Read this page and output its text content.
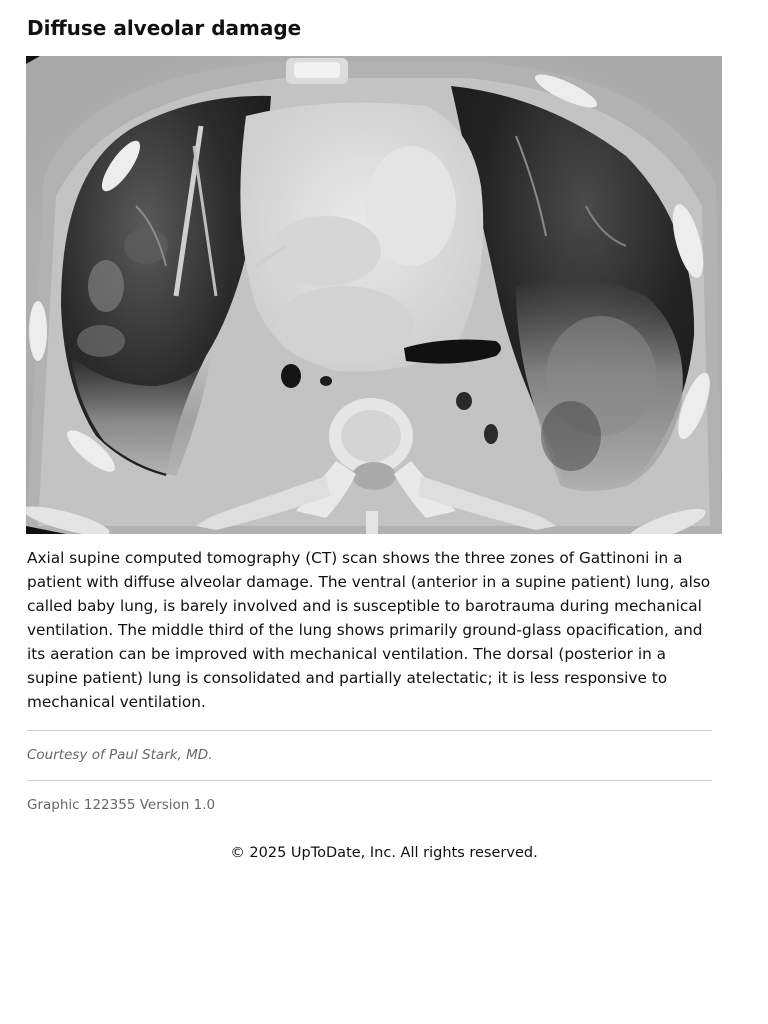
Diffuse alveolar damage

Axial supine computed tomography (CT) scan shows the three zones of Gattinoni in a patient with diffuse alveolar damage. The ventral (anterior in a supine patient) lung, also called baby lung, is barely involved and is susceptible to barotrauma during mechanical ventilation. The middle third of the lung shows primarily ground-glass opacification, and its aeration can be improved with mechanical ventilation. The dorsal (posterior in a supine patient) lung is consolidated and partially atelectatic; it is less responsive to mechanical ventilation.

Courtesy of Paul Stark, MD.

Graphic 122355 Version 1.0

© 2025 UpToDate, Inc. All rights reserved.
